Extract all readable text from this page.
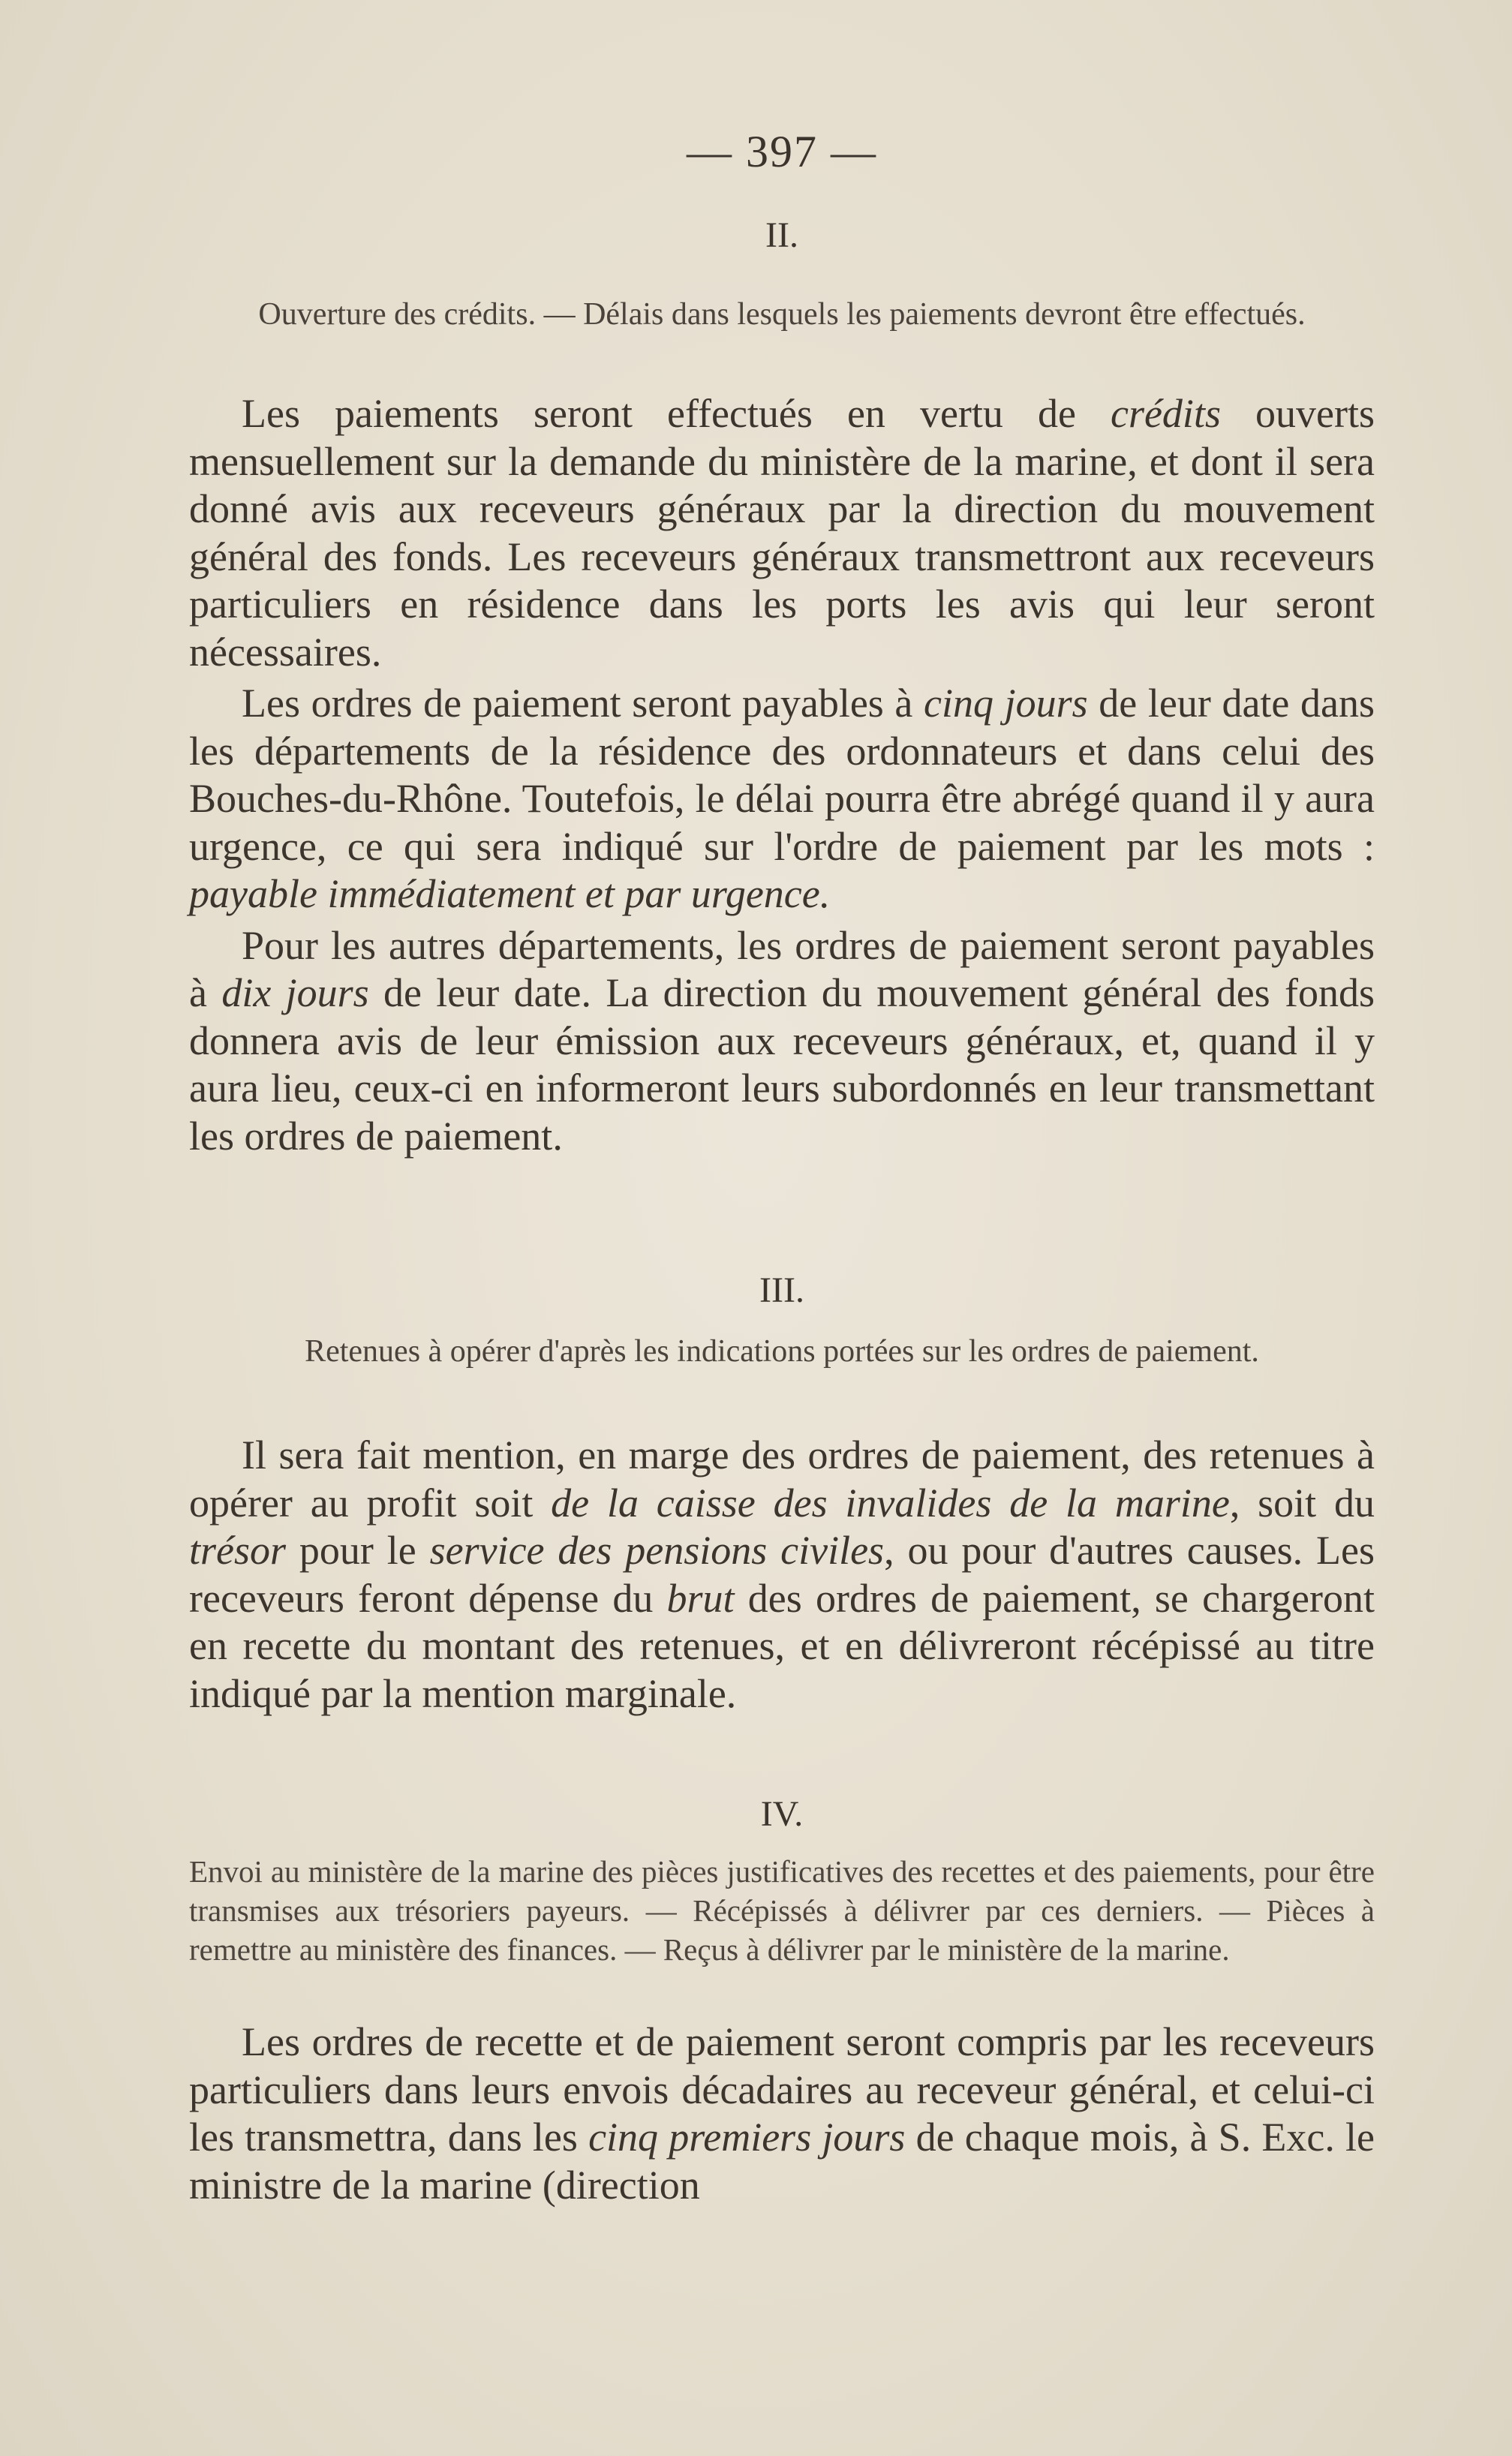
— 397 —
II.
Ouverture des crédits. — Délais dans lesquels les paiements devront être effectués.

Les paiements seront effectués en vertu de crédits ouverts mensuellement sur la demande du ministère de la marine, et dont il sera donné avis aux receveurs généraux par la direction du mouvement général des fonds. Les receveurs généraux transmettront aux receveurs particuliers en résidence dans les ports les avis qui leur seront nécessaires.

Les ordres de paiement seront payables à cinq jours de leur date dans les départements de la résidence des ordonnateurs et dans celui des Bouches-du-Rhône. Toutefois, le délai pourra être abrégé quand il y aura urgence, ce qui sera indiqué sur l'ordre de paiement par les mots : payable immédiatement et par urgence.

Pour les autres départements, les ordres de paiement seront payables à dix jours de leur date. La direction du mouvement général des fonds donnera avis de leur émission aux receveurs généraux, et, quand il y aura lieu, ceux-ci en informeront leurs subordonnés en leur transmettant les ordres de paiement.

III.
Retenues à opérer d'après les indications portées sur les ordres de paiement.

Il sera fait mention, en marge des ordres de paiement, des retenues à opérer au profit soit de la caisse des invalides de la marine, soit du trésor pour le service des pensions civiles, ou pour d'autres causes. Les receveurs feront dépense du brut des ordres de paiement, se chargeront en recette du montant des retenues, et en délivreront récépissé au titre indiqué par la mention marginale.

IV.
Envoi au ministère de la marine des pièces justificatives des recettes et des paiements, pour être transmises aux trésoriers payeurs. — Récépissés à délivrer par ces derniers. — Pièces à remettre au ministère des finances. — Reçus à délivrer par le ministère de la marine.

Les ordres de recette et de paiement seront compris par les receveurs particuliers dans leurs envois décadaires au receveur général, et celui-ci les transmettra, dans les cinq premiers jours de chaque mois, à S. Exc. le ministre de la marine (direction
